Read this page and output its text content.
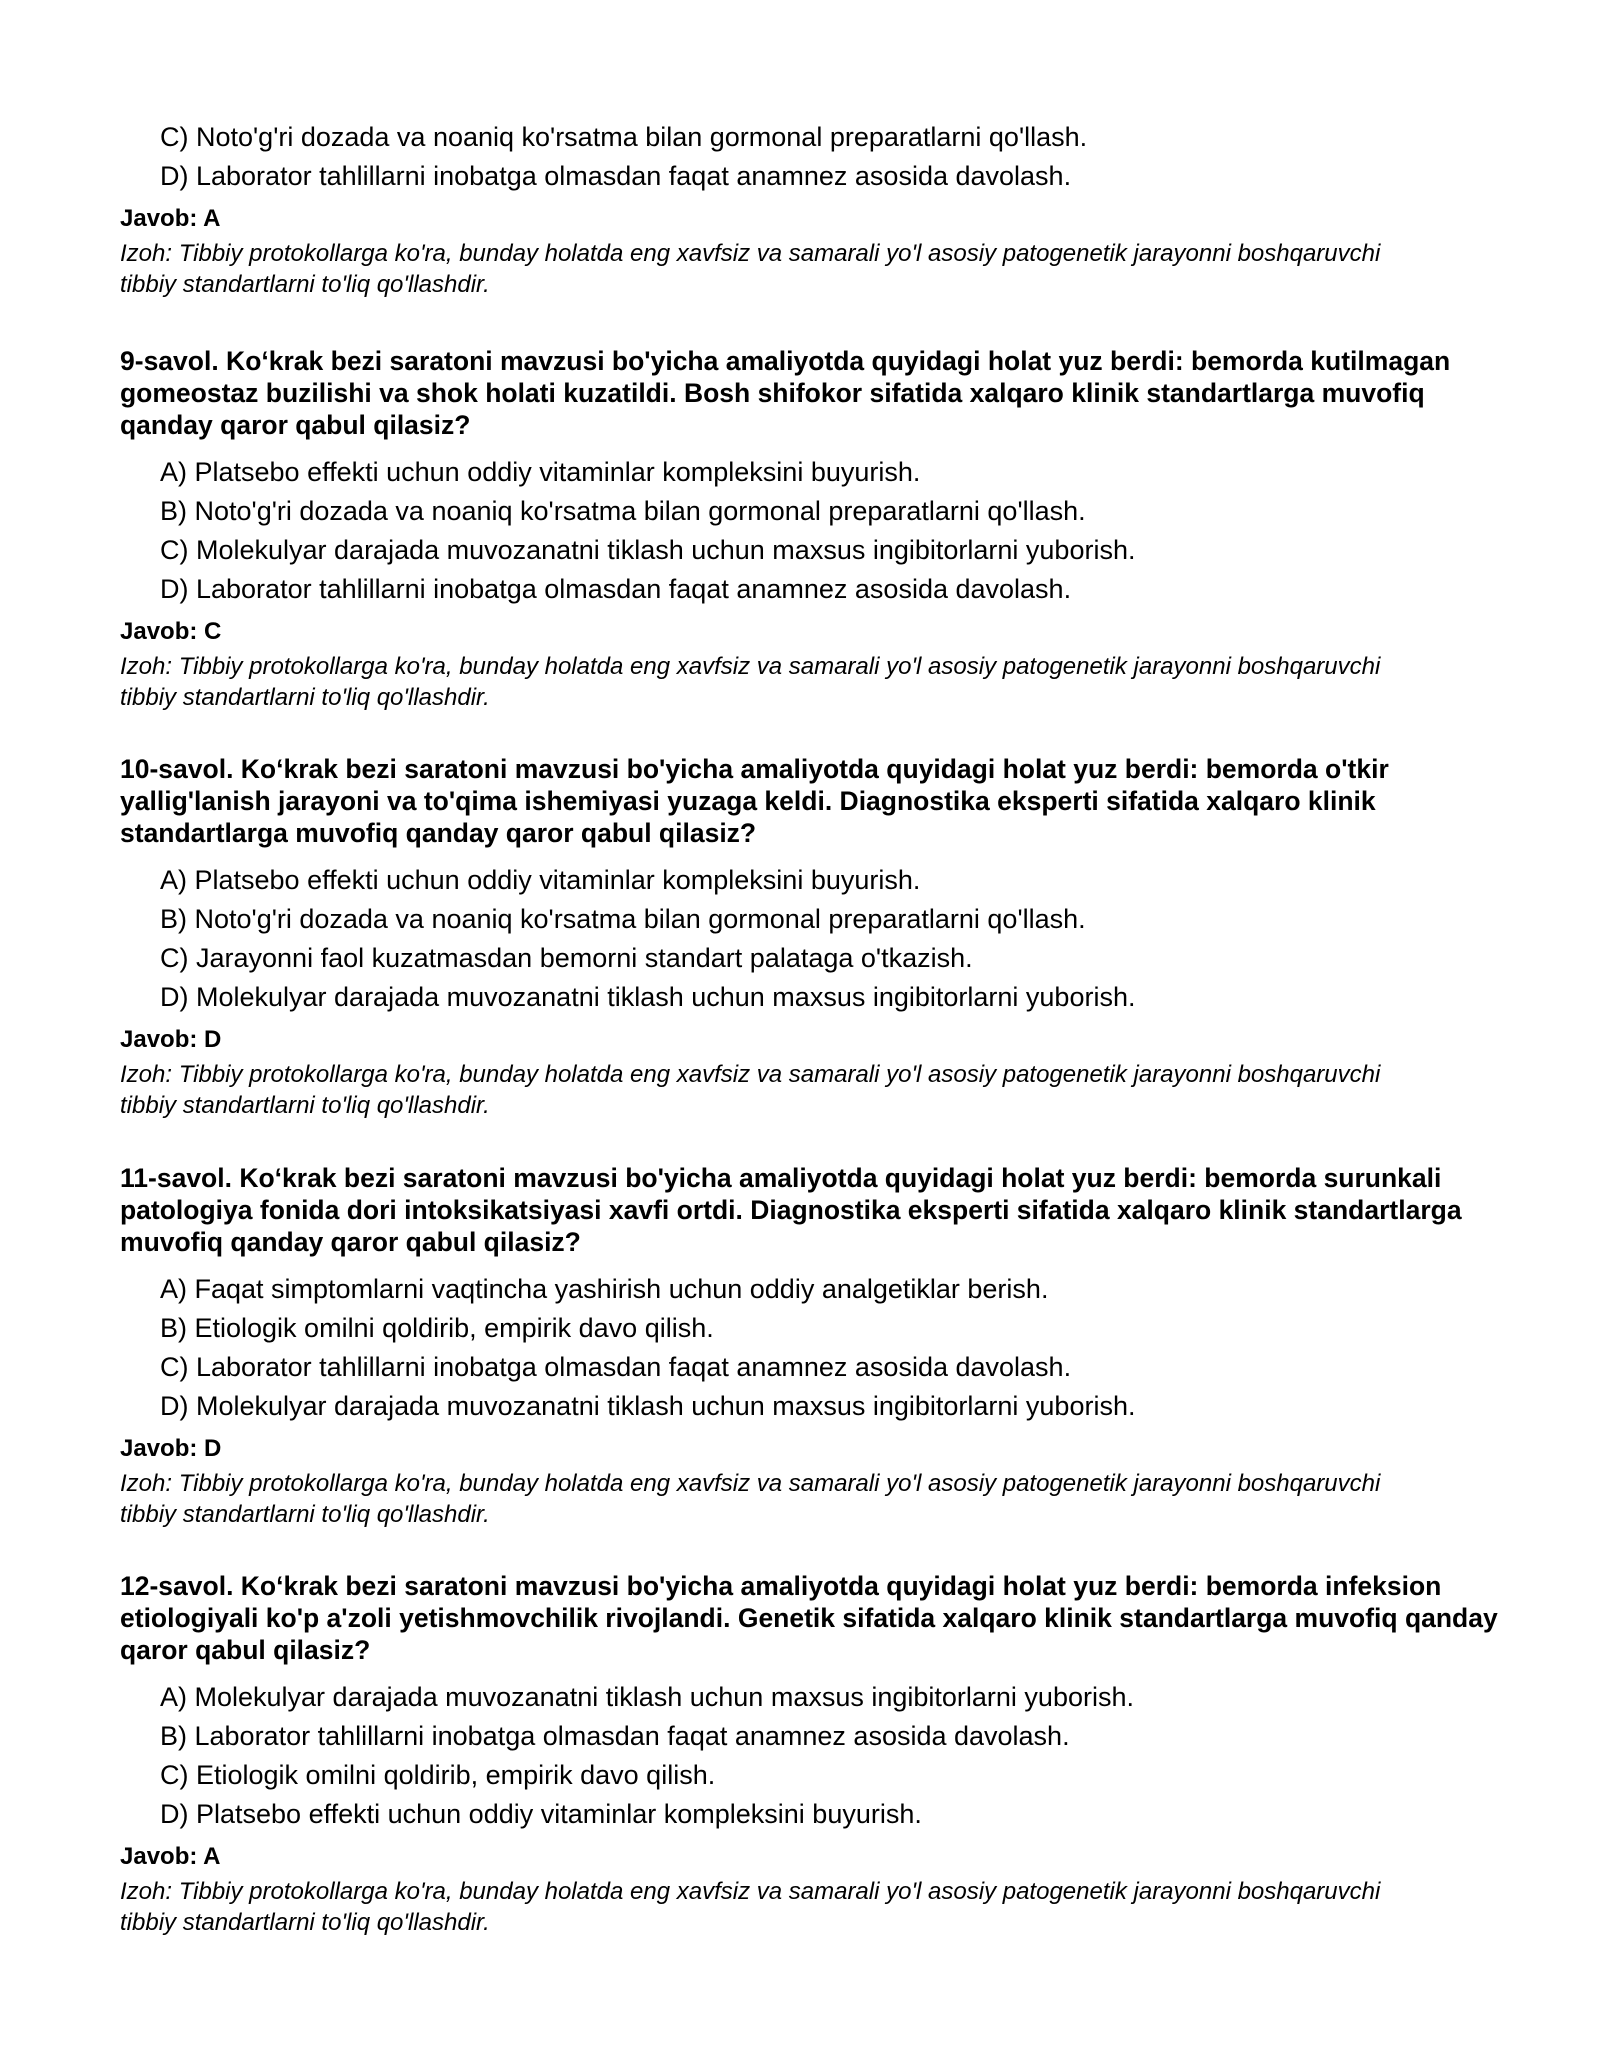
C) Noto'g'ri dozada va noaniq ko'rsatma bilan gormonal preparatlarni qo'llash.
D) Laborator tahlillarni inobatga olmasdan faqat anamnez asosida davolash.

Javob: A

Izoh: Tibbiy protokollarga ko'ra, bunday holatda eng xavfsiz va samarali yo'l asosiy patogenetik jarayonni boshqaruvchi tibbiy standartlarni to'liq qo'llashdir.

9-savol. Ko‘krak bezi saratoni mavzusi bo'yicha amaliyotda quyidagi holat yuz berdi: bemorda kutilmagan gomeostaz buzilishi va shok holati kuzatildi. Bosh shifokor sifatida xalqaro klinik standartlarga muvofiq qanday qaror qabul qilasiz?

A) Platsebo effekti uchun oddiy vitaminlar kompleksini buyurish.
B) Noto'g'ri dozada va noaniq ko'rsatma bilan gormonal preparatlarni qo'llash.
C) Molekulyar darajada muvozanatni tiklash uchun maxsus ingibitorlarni yuborish.
D) Laborator tahlillarni inobatga olmasdan faqat anamnez asosida davolash.

Javob: C

Izoh: Tibbiy protokollarga ko'ra, bunday holatda eng xavfsiz va samarali yo'l asosiy patogenetik jarayonni boshqaruvchi tibbiy standartlarni to'liq qo'llashdir.

10-savol. Ko‘krak bezi saratoni mavzusi bo'yicha amaliyotda quyidagi holat yuz berdi: bemorda o'tkir yallig'lanish jarayoni va to'qima ishemiyasi yuzaga keldi. Diagnostika eksperti sifatida xalqaro klinik standartlarga muvofiq qanday qaror qabul qilasiz?

A) Platsebo effekti uchun oddiy vitaminlar kompleksini buyurish.
B) Noto'g'ri dozada va noaniq ko'rsatma bilan gormonal preparatlarni qo'llash.
C) Jarayonni faol kuzatmasdan bemorni standart palataga o'tkazish.
D) Molekulyar darajada muvozanatni tiklash uchun maxsus ingibitorlarni yuborish.

Javob: D

Izoh: Tibbiy protokollarga ko'ra, bunday holatda eng xavfsiz va samarali yo'l asosiy patogenetik jarayonni boshqaruvchi tibbiy standartlarni to'liq qo'llashdir.

11-savol. Ko‘krak bezi saratoni mavzusi bo'yicha amaliyotda quyidagi holat yuz berdi: bemorda surunkali patologiya fonida dori intoksikatsiyasi xavfi ortdi. Diagnostika eksperti sifatida xalqaro klinik standartlarga muvofiq qanday qaror qabul qilasiz?

A) Faqat simptomlarni vaqtincha yashirish uchun oddiy analgetiklar berish.
B) Etiologik omilni qoldirib, empirik davo qilish.
C) Laborator tahlillarni inobatga olmasdan faqat anamnez asosida davolash.
D) Molekulyar darajada muvozanatni tiklash uchun maxsus ingibitorlarni yuborish.

Javob: D

Izoh: Tibbiy protokollarga ko'ra, bunday holatda eng xavfsiz va samarali yo'l asosiy patogenetik jarayonni boshqaruvchi tibbiy standartlarni to'liq qo'llashdir.

12-savol. Ko‘krak bezi saratoni mavzusi bo'yicha amaliyotda quyidagi holat yuz berdi: bemorda infeksion etiologiyali ko'p a'zoli yetishmovchilik rivojlandi. Genetik sifatida xalqaro klinik standartlarga muvofiq qanday qaror qabul qilasiz?

A) Molekulyar darajada muvozanatni tiklash uchun maxsus ingibitorlarni yuborish.
B) Laborator tahlillarni inobatga olmasdan faqat anamnez asosida davolash.
C) Etiologik omilni qoldirib, empirik davo qilish.
D) Platsebo effekti uchun oddiy vitaminlar kompleksini buyurish.

Javob: A

Izoh: Tibbiy protokollarga ko'ra, bunday holatda eng xavfsiz va samarali yo'l asosiy patogenetik jarayonni boshqaruvchi tibbiy standartlarni to'liq qo'llashdir.
